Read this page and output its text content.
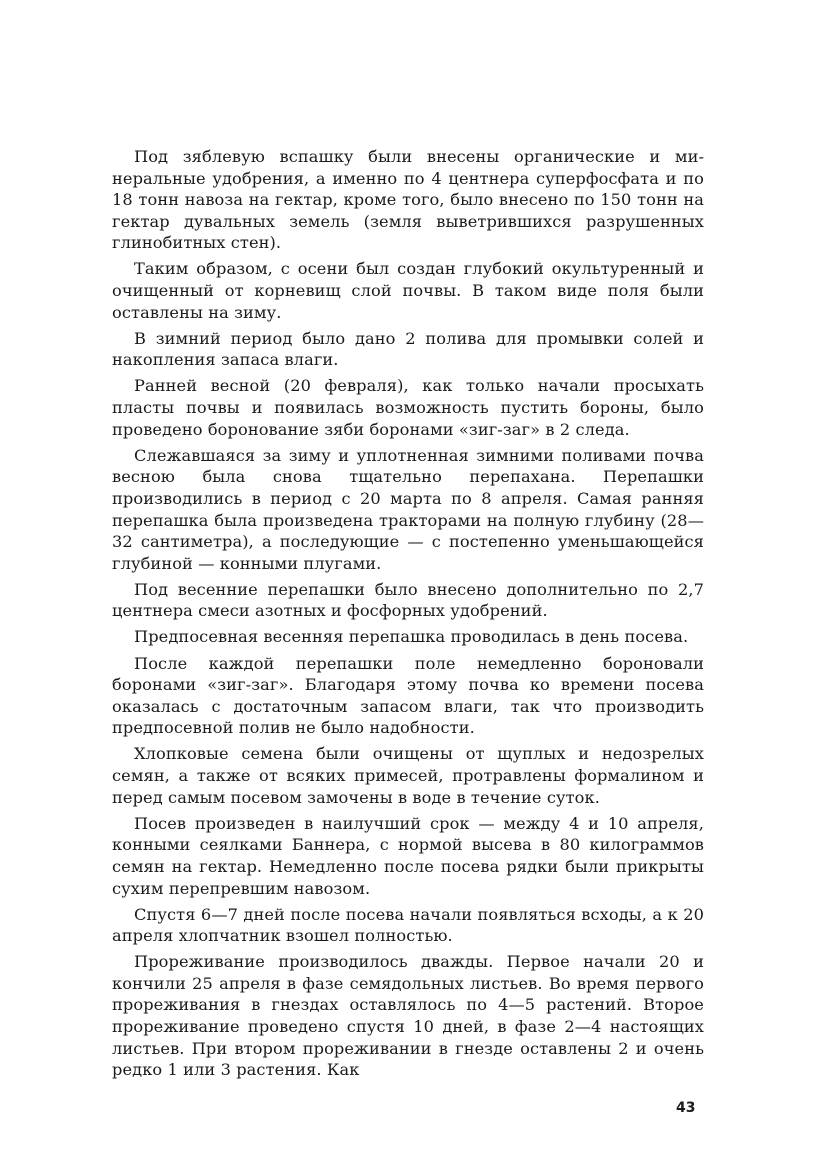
Под зяблевую вспашку были внесены органические и минеральные удобрения, а именно по 4 центнера суперфосфата и по 18 тонн навоза на гектар, кроме того, было внесено по 150 тонн на гектар дувальных земель (земля выветрившихся разрушенных глинобитных стен).

Таким образом, с осени был создан глубокий окультуренный и очищенный от корневищ слой почвы. В таком виде поля были оставлены на зиму.

В зимний период было дано 2 полива для промывки солей и накопления запаса влаги.

Ранней весной (20 февраля), как только начали просыхать пласты почвы и появилась возможность пустить бороны, было проведено боронование зяби боронами «зиг-заг» в 2 следа.

Слежавшаяся за зиму и уплотненная зимними поливами почва весною была снова тщательно перепахана. Перепашки производились в период с 20 марта по 8 апреля. Самая ранняя перепашка была произведена тракторами на полную глубину (28—32 сантиметра), а последующие — с постепенно уменьшающейся глубиной — конными плугами.

Под весенние перепашки было внесено дополнительно по 2,7 центнера смеси азотных и фосфорных удобрений.

Предпосевная весенняя перепашка проводилась в день посева.

После каждой перепашки поле немедленно бороновали боронами «зиг-заг». Благодаря этому почва ко времени посева оказалась с достаточным запасом влаги, так что производить предпосевной полив не было надобности.

Хлопковые семена были очищены от щуплых и недозрелых семян, а также от всяких примесей, протравлены формалином и перед самым посевом замочены в воде в течение суток.

Посев произведен в наилучший срок — между 4 и 10 апреля, конными сеялками Баннера, с нормой высева в 80 килограммов семян на гектар. Немедленно после посева рядки были прикрыты сухим перепревшим навозом.

Спустя 6—7 дней после посева начали появляться всходы, а к 20 апреля хлопчатник взошел полностью.

Прореживание производилось дважды. Первое начали 20 и кончили 25 апреля в фазе семядольных листьев. Во время первого прореживания в гнездах оставлялось по 4—5 растений. Второе прореживание проведено спустя 10 дней, в фазе 2—4 настоящих листьев. При втором прореживании в гнезде оставлены 2 и очень редко 1 или 3 растения. Как

43
